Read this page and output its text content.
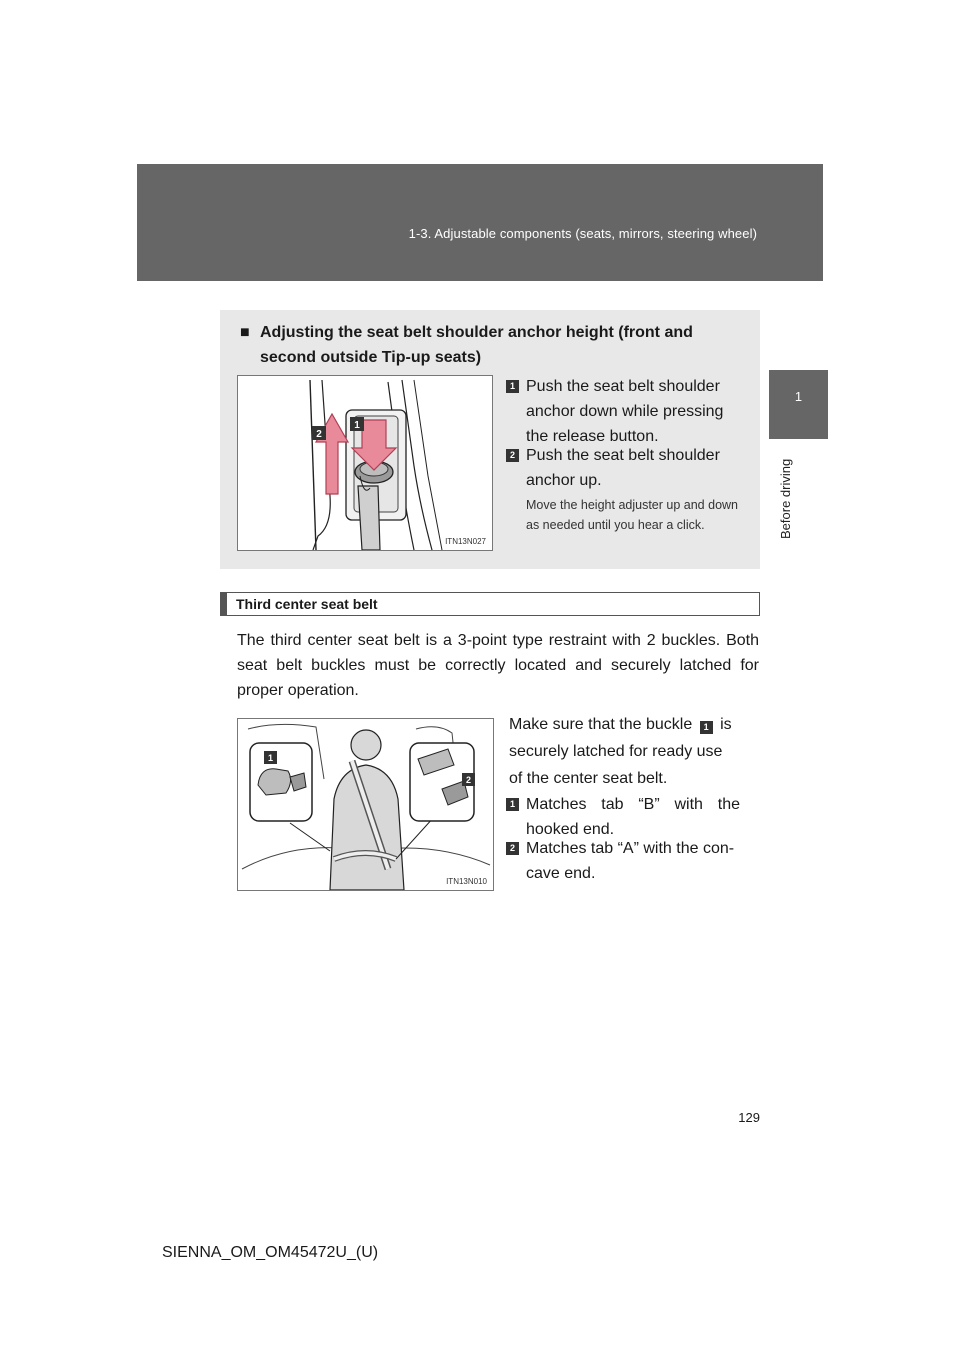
1-3. Adjustable components (seats, mirrors, steering wheel)
1
Before driving
■ Adjusting the seat belt shoulder anchor height (front and
second outside Tip-up seats)
1
2
ITN13N027
1 Push the seat belt shoulder anchor down while pressing the release button.
2 Push the seat belt shoulder anchor up.
Move the height adjuster up and down as needed until you hear a click.
Third center seat belt
The third center seat belt is a 3-point type restraint with 2 buckles. Both seat belt buckles must be correctly located and securely latched for proper operation.
1
2
ITN13N010
Make sure that the buckle 1 is securely latched for ready use of the center seat belt.
1 Matches tab “B” with the hooked end.
2 Matches tab “A” with the con-cave end.
129
SIENNA_OM_OM45472U_(U)
